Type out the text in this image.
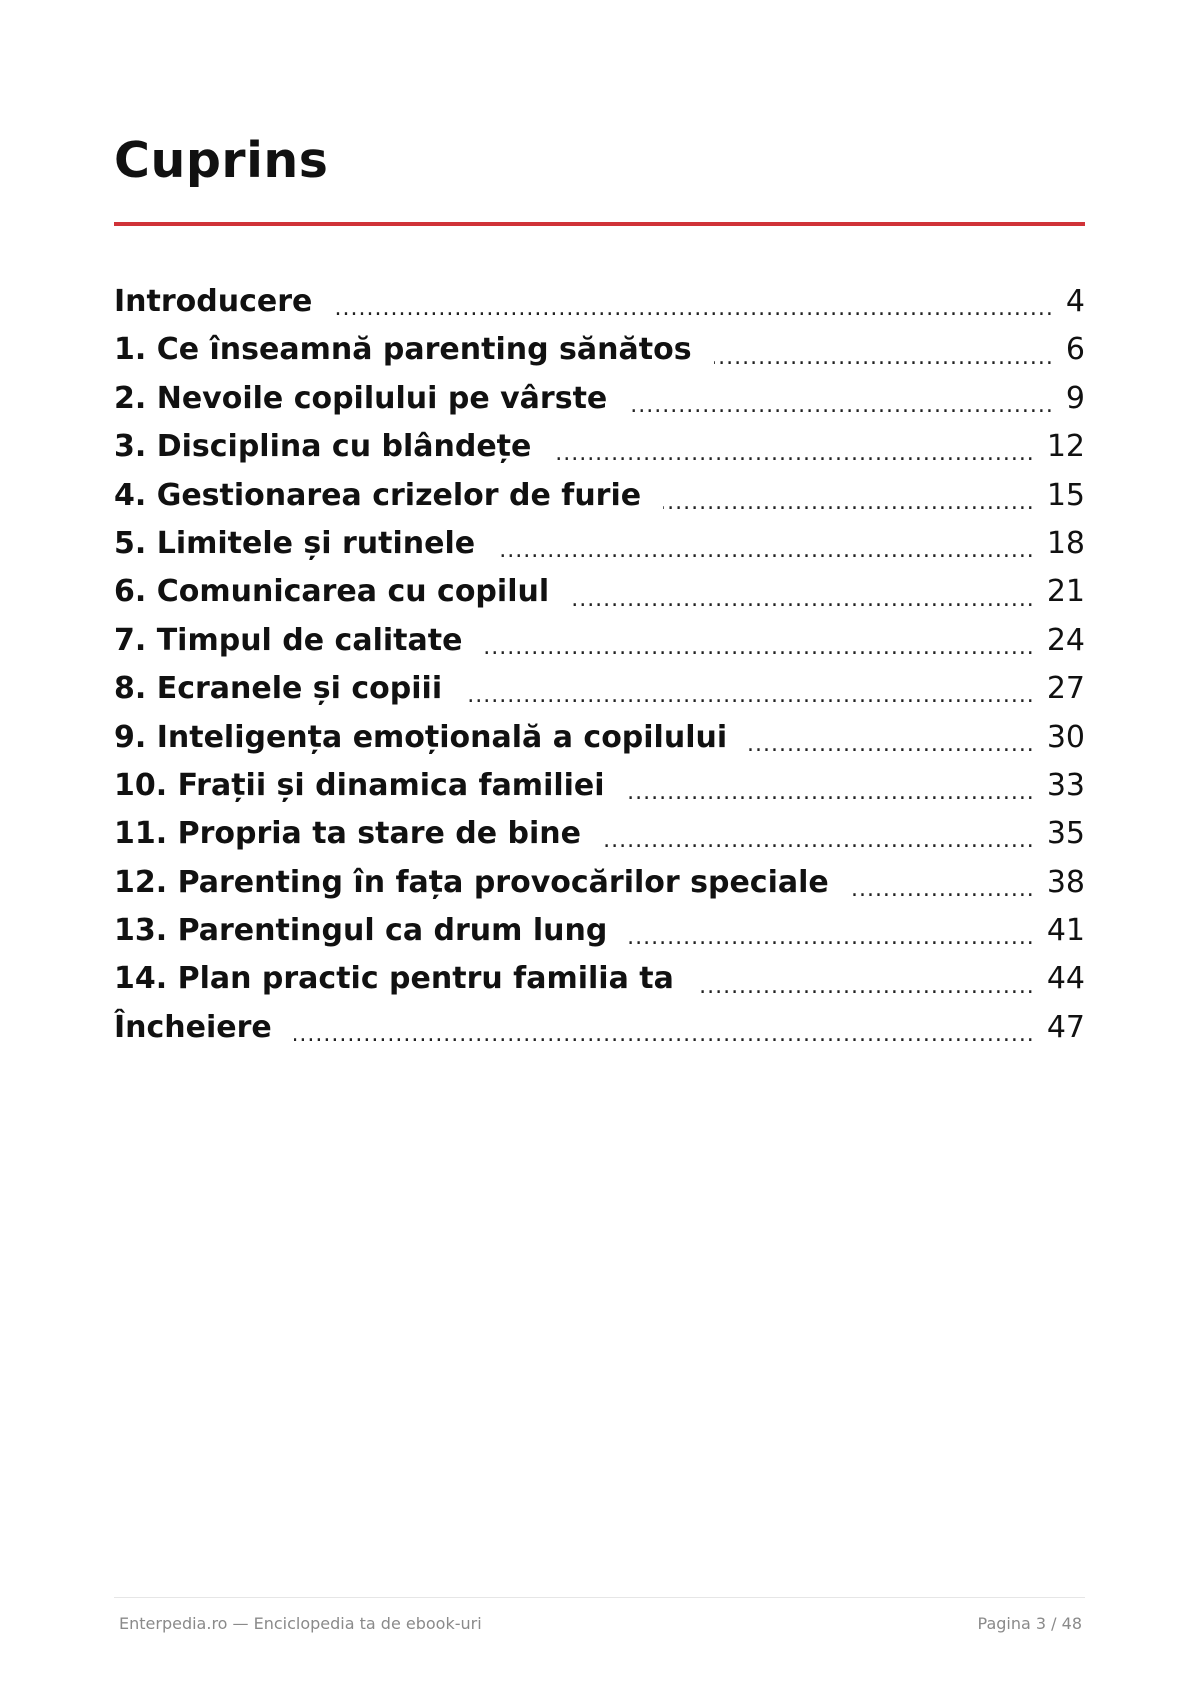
Cuprins
Introducere .....	4
1. Ce înseamnă parenting sănătos .....	6
2. Nevoile copilului pe vârste .....	9
3. Disciplina cu blândețe .....	12
4. Gestionarea crizelor de furie .....	15
5. Limitele și rutinele .....	18
6. Comunicarea cu copilul .....	21
7. Timpul de calitate .....	24
8. Ecranele și copiii .....	27
9. Inteligența emoțională a copilului .....	30
10. Frații și dinamica familiei .....	33
11. Propria ta stare de bine .....	35
12. Parenting în fața provocărilor speciale .....	38
13. Parentingul ca drum lung .....	41
14. Plan practic pentru familia ta .....	44
Încheiere .....	47
Enterpedia.ro — Enciclopedia ta de ebook-uri	Pagina 3 / 48
